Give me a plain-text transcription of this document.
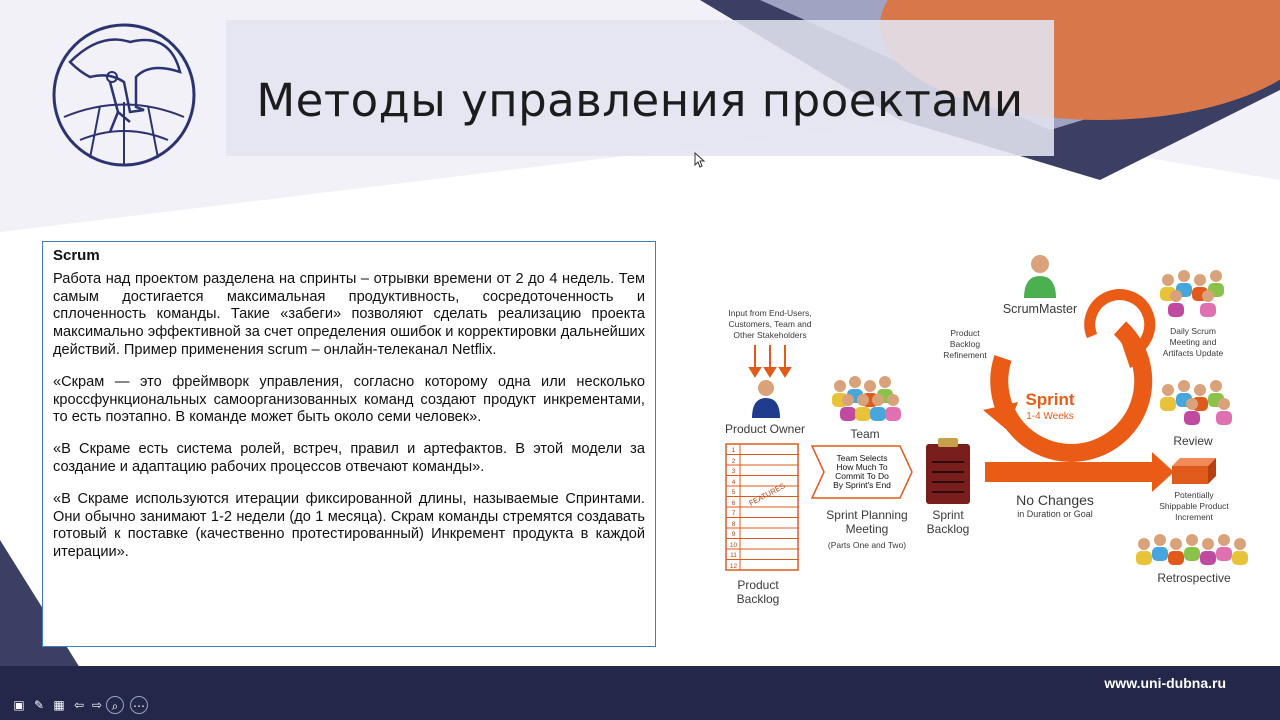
Методы управления проектами
Scrum

Работа над проектом разделена на спринты – отрывки времени от 2 до 4 недель. Тем самым достигается максимальная продуктивность, сосредоточенность и сплоченность команды. Такие «забеги» позволяют сделать реализацию проекта максимально эффективной за счет определения ошибок и корректировки дальнейших действий. Пример применения scrum – онлайн-телеканал Netflix.

«Скрам — это фреймворк управления, согласно которому одна или несколько кроссфункциональных самоорганизованных команд создают продукт инкрементами, то есть поэтапно. В команде может быть около семи человек».

«В Скраме есть система ролей, встреч, правил и артефактов. В этой модели за создание и адаптацию рабочих процессов отвечают команды».

«В Скраме используются итерации фиксированной длины, называемые Спринтами. Они обычно занимают 1-2 недели (до 1 месяца). Скрам команды стремятся создавать готовый к поставке (качественно протестированный) Инкремент продукта в каждой итерации».

Input from End-Users,
Customers, Team and
Other Stakeholders
Product Owner	Team
ScrumMaster
Product
Backlog
Refinement
Sprint
1-4 Weeks
Daily Scrum
Meeting and
Artifacts Update
Review
Team Selects
How Much To
Commit To Do
By Sprint's End
Sprint Planning
Meeting
(Parts One and Two)
Sprint
Backlog
No Changes
in Duration or Goal
Potentially
Shippable Product
Increment
Retrospective
Product
Backlog
FEATURES
1
2
3
4
5
6
7
8
9
10
11
12
www.uni-dubna.ru
▣ ✎ ▦ ⇦ ⇨ ⌕	⋯
